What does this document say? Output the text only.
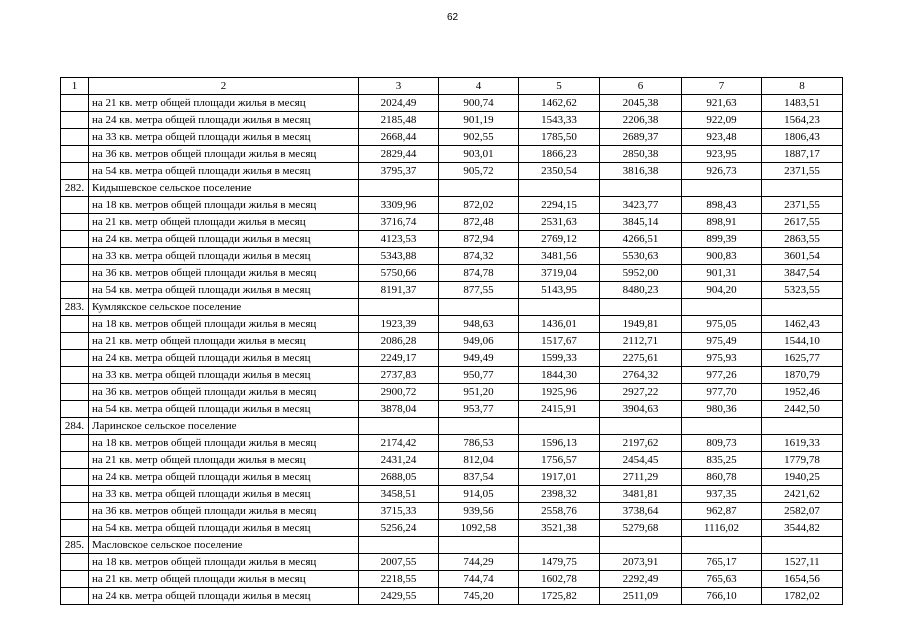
62
1	2	3	4	5	6	7	8
	на 21 кв. метр общей площади жилья в месяц	2024,49	900,74	1462,62	2045,38	921,63	1483,51
	на 24 кв. метра общей площади жилья в месяц	2185,48	901,19	1543,33	2206,38	922,09	1564,23
	на 33 кв. метра общей площади жилья в месяц	2668,44	902,55	1785,50	2689,37	923,48	1806,43
	на 36 кв. метров общей площади жилья в месяц	2829,44	903,01	1866,23	2850,38	923,95	1887,17
	на 54 кв. метра общей площади жилья в месяц	3795,37	905,72	2350,54	3816,38	926,73	2371,55
282.	Кидышевское сельское поселение						
	на 18 кв. метров общей площади жилья в месяц	3309,96	872,02	2294,15	3423,77	898,43	2371,55
	на 21 кв. метр общей площади жилья в месяц	3716,74	872,48	2531,63	3845,14	898,91	2617,55
	на 24 кв. метра общей площади жилья в месяц	4123,53	872,94	2769,12	4266,51	899,39	2863,55
	на 33 кв. метра общей площади жилья в месяц	5343,88	874,32	3481,56	5530,63	900,83	3601,54
	на 36 кв. метров общей площади жилья в месяц	5750,66	874,78	3719,04	5952,00	901,31	3847,54
	на 54 кв. метра общей площади жилья в месяц	8191,37	877,55	5143,95	8480,23	904,20	5323,55
283.	Кумлякское сельское поселение						
	на 18 кв. метров общей площади жилья в месяц	1923,39	948,63	1436,01	1949,81	975,05	1462,43
	на 21 кв. метр общей площади жилья в месяц	2086,28	949,06	1517,67	2112,71	975,49	1544,10
	на 24 кв. метра общей площади жилья в месяц	2249,17	949,49	1599,33	2275,61	975,93	1625,77
	на 33 кв. метра общей площади жилья в месяц	2737,83	950,77	1844,30	2764,32	977,26	1870,79
	на 36 кв. метров общей площади жилья в месяц	2900,72	951,20	1925,96	2927,22	977,70	1952,46
	на 54 кв. метра общей площади жилья в месяц	3878,04	953,77	2415,91	3904,63	980,36	2442,50
284.	Ларинское сельское поселение						
	на 18 кв. метров общей площади жилья в месяц	2174,42	786,53	1596,13	2197,62	809,73	1619,33
	на 21 кв. метр общей площади жилья в месяц	2431,24	812,04	1756,57	2454,45	835,25	1779,78
	на 24 кв. метра общей площади жилья в месяц	2688,05	837,54	1917,01	2711,29	860,78	1940,25
	на 33 кв. метра общей площади жилья в месяц	3458,51	914,05	2398,32	3481,81	937,35	2421,62
	на 36 кв. метров общей площади жилья в месяц	3715,33	939,56	2558,76	3738,64	962,87	2582,07
	на 54 кв. метра общей площади жилья в месяц	5256,24	1092,58	3521,38	5279,68	1116,02	3544,82
285.	Масловское сельское поселение						
	на 18 кв. метров общей площади жилья в месяц	2007,55	744,29	1479,75	2073,91	765,17	1527,11
	на 21 кв. метр общей площади жилья в месяц	2218,55	744,74	1602,78	2292,49	765,63	1654,56
	на 24 кв. метра общей площади жилья в месяц	2429,55	745,20	1725,82	2511,09	766,10	1782,02
